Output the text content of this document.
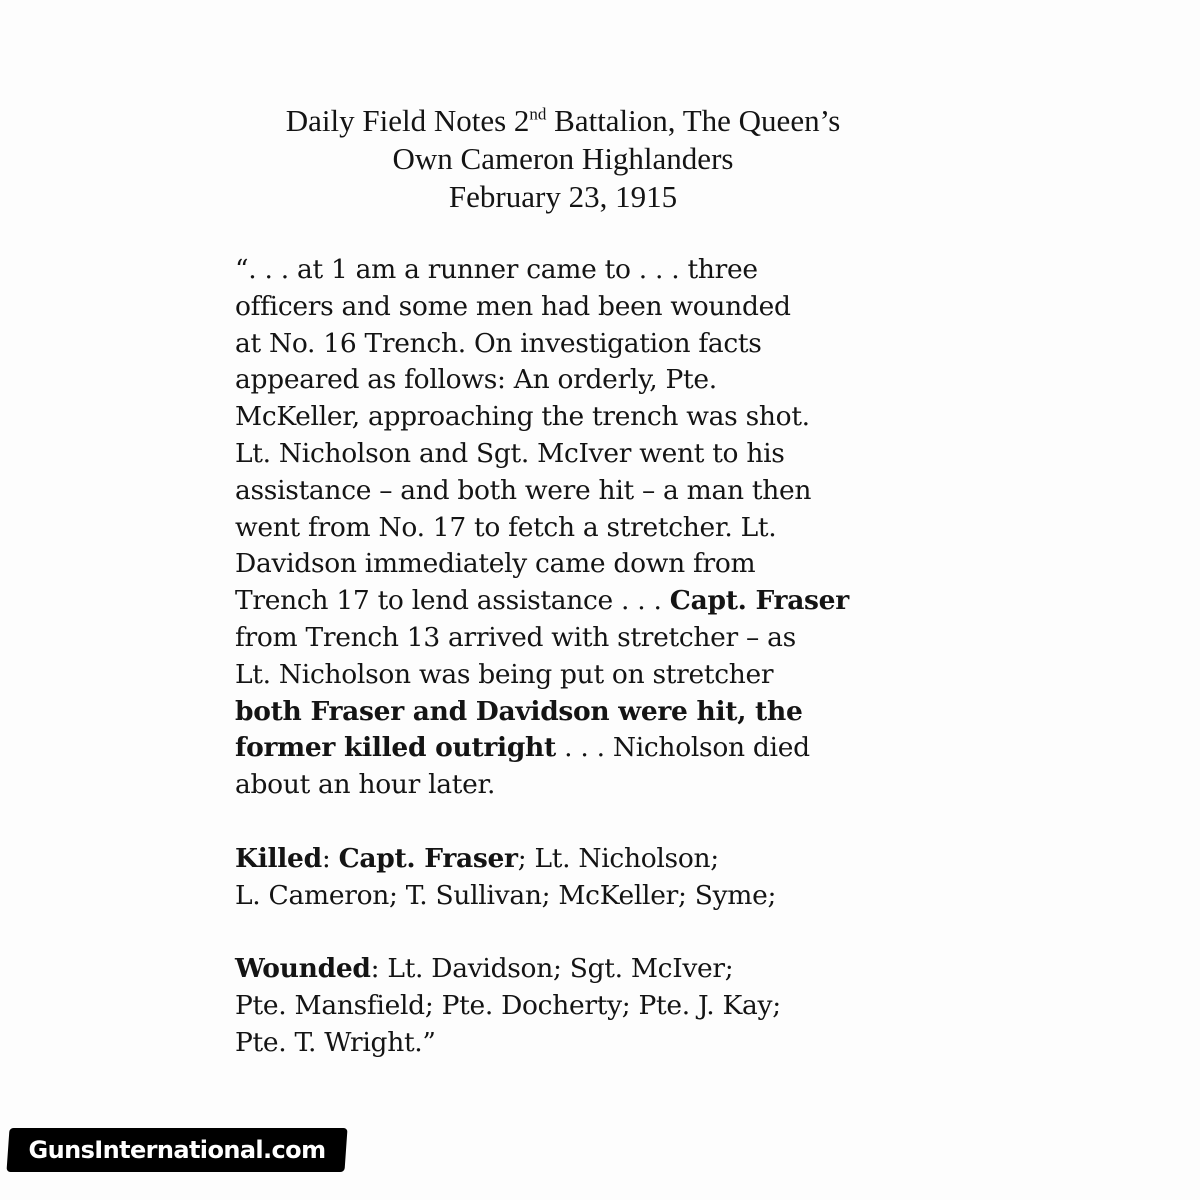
Daily Field Notes 2nd Battalion, The Queen’s
Own Cameron Highlanders
February 23, 1915
“. . . at 1 am a runner came to . . . three
officers and some men had been wounded
at No. 16 Trench. On investigation facts
appeared as follows: An orderly, Pte.
McKeller, approaching the trench was shot.
Lt. Nicholson and Sgt. McIver went to his
assistance – and both were hit – a man then
went from No. 17 to fetch a stretcher. Lt.
Davidson immediately came down from
Trench 17 to lend assistance . . . Capt. Fraser
from Trench 13 arrived with stretcher – as
Lt. Nicholson was being put on stretcher
both Fraser and Davidson were hit, the
former killed outright . . . Nicholson died
about an hour later.
Killed: Capt. Fraser; Lt. Nicholson;
L. Cameron; T. Sullivan; McKeller; Syme;
Wounded: Lt. Davidson; Sgt. McIver;
Pte. Mansfield; Pte. Docherty; Pte. J. Kay;
Pte. T. Wright.”
GunsInternational.com
